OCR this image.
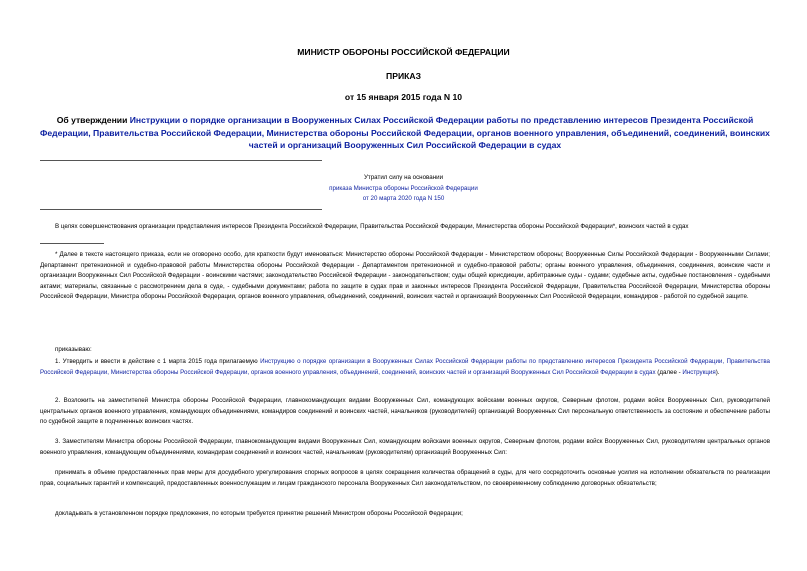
МИНИСТР ОБОРОНЫ РОССИЙСКОЙ ФЕДЕРАЦИИ
ПРИКАЗ
от 15 января 2015 года N 10
Об утверждении Инструкции о порядке организации в Вооруженных Силах Российской Федерации работы по представлению интересов Президента Российской Федерации, Правительства Российской Федерации, Министерства обороны Российской Федерации, органов военного управления, объединений, соединений, воинских частей и организаций Вооруженных Сил Российской Федерации в судах
Утратил силу на основании
приказа Министра обороны Российской Федерации
от 20 марта 2020 года N 150
В целях совершенствования организации представления интересов Президента Российской Федерации, Правительства Российской Федерации, Министерства обороны Российской Федерации*, воинских частей в судах
* Далее в тексте настоящего приказа, если не оговорено особо, для краткости будут именоваться: Министерство обороны Российской Федерации - Министерством обороны; Вооруженные Силы Российской Федерации - Вооруженными Силами; Департамент претензионной и судебно-правовой работы Министерства обороны Российской Федерации - Департаментом претензионной и судебно-правовой работы; органы военного управления, объединения, соединения, воинские части и организации Вооруженных Сил Российской Федерации - воинскими частями; законодательство Российской Федерации - законодательством; суды общей юрисдикции, арбитражные суды - судами; судебные акты, судебные постановления - судебными актами; материалы, связанные с рассмотрением дела в суде, - судебными документами; работа по защите в судах прав и законных интересов Президента Российской Федерации, Правительства Российской Федерации, Министерства обороны Российской Федерации, Министра обороны Российской Федерации, органов военного управления, объединений, соединений, воинских частей и организаций Вооруженных Сил Российской Федерации, командиров - работой по судебной защите.
приказываю:
1. Утвердить и ввести в действие с 1 марта 2015 года прилагаемую Инструкцию о порядке организации в Вооруженных Силах Российской Федерации работы по представлению интересов Президента Российской Федерации, Правительства Российской Федерации, Министерства обороны Российской Федерации, органов военного управления, объединений, соединений, воинских частей и организаций Вооруженных Сил Российской Федерации в судах (далее - Инструкция).
2. Возложить на заместителей Министра обороны Российской Федерации, главнокомандующих видами Вооруженных Сил, командующих войсками военных округов, Северным флотом, родами войск Вооруженных Сил, руководителей центральных органов военного управления, командующих объединениями, командиров соединений и воинских частей, начальников (руководителей) организаций Вооруженных Сил персональную ответственность за состояние и обеспечение работы по судебной защите в подчиненных воинских частях.
3. Заместителям Министра обороны Российской Федерации, главнокомандующим видами Вооруженных Сил, командующим войсками военных округов, Северным флотом, родами войск Вооруженных Сил, руководителям центральных органов военного управления, командующим объединениями, командирам соединений и воинских частей, начальникам (руководителям) организаций Вооруженных Сил:
принимать в объеме предоставленных прав меры для досудебного урегулирования спорных вопросов в целях сокращения количества обращений в суды, для чего сосредоточить основные усилия на исполнении обязательств по реализации прав, социальных гарантий и компенсаций, предоставленных военнослужащим и лицам гражданского персонала Вооруженных Сил законодательством, по своевременному соблюдению договорных обязательств;
докладывать в установленном порядке предложения, по которым требуется принятие решений Министром обороны Российской Федерации;
